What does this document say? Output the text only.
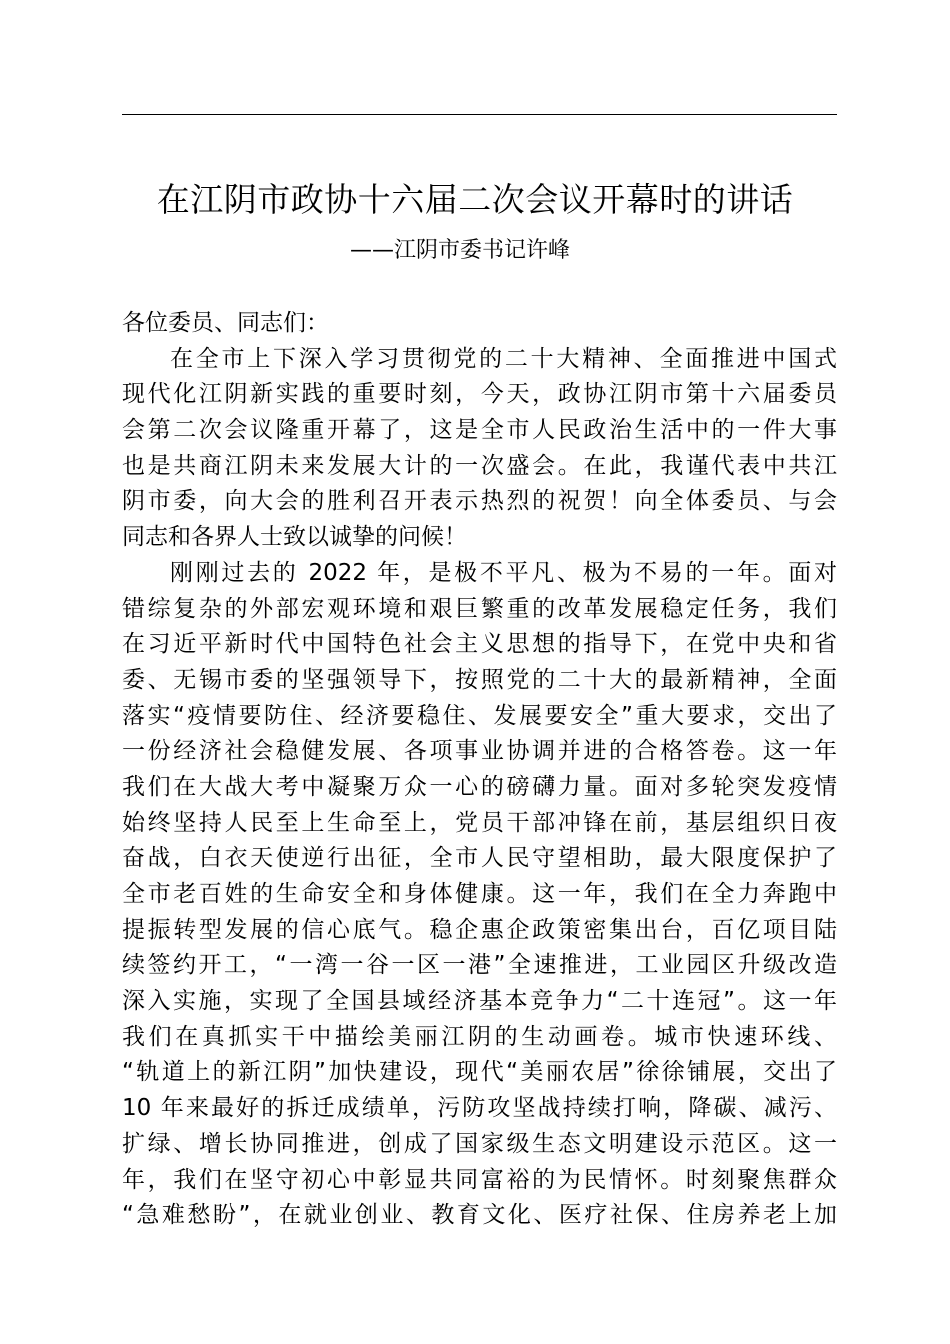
在江阴市政协十六届二次会议开幕时的讲话
——江阴市委书记许峰
各位委员、同志们：
在全市上下深入学习贯彻党的二十大精神、全面推进中国式
现代化江阴新实践的重要时刻，今天，政协江阴市第十六届委员
会第二次会议隆重开幕了，这是全市人民政治生活中的一件大事
也是共商江阴未来发展大计的一次盛会。在此，我谨代表中共江
阴市委，向大会的胜利召开表示热烈的祝贺！向全体委员、与会
同志和各界人士致以诚挚的问候！
刚刚过去的 2022 年，是极不平凡、极为不易的一年。面对
错综复杂的外部宏观环境和艰巨繁重的改革发展稳定任务，我们
在习近平新时代中国特色社会主义思想的指导下，在党中央和省
委、无锡市委的坚强领导下，按照党的二十大的最新精神，全面
落实“疫情要防住、经济要稳住、发展要安全”重大要求，交出了
一份经济社会稳健发展、各项事业协调并进的合格答卷。这一年
我们在大战大考中凝聚万众一心的磅礴力量。面对多轮突发疫情
始终坚持人民至上生命至上，党员干部冲锋在前，基层组织日夜
奋战，白衣天使逆行出征，全市人民守望相助，最大限度保护了
全市老百姓的生命安全和身体健康。这一年，我们在全力奔跑中
提振转型发展的信心底气。稳企惠企政策密集出台，百亿项目陆
续签约开工，“一湾一谷一区一港”全速推进，工业园区升级改造
深入实施，实现了全国县域经济基本竞争力“二十连冠”。这一年
我们在真抓实干中描绘美丽江阴的生动画卷。城市快速环线、
“轨道上的新江阴”加快建设，现代“美丽农居”徐徐铺展，交出了
10 年来最好的拆迁成绩单，污防攻坚战持续打响，降碳、减污、
扩绿、增长协同推进，创成了国家级生态文明建设示范区。这一
年，我们在坚守初心中彰显共同富裕的为民情怀。时刻聚焦群众
“急难愁盼”，在就业创业、教育文化、医疗社保、住房养老上加
